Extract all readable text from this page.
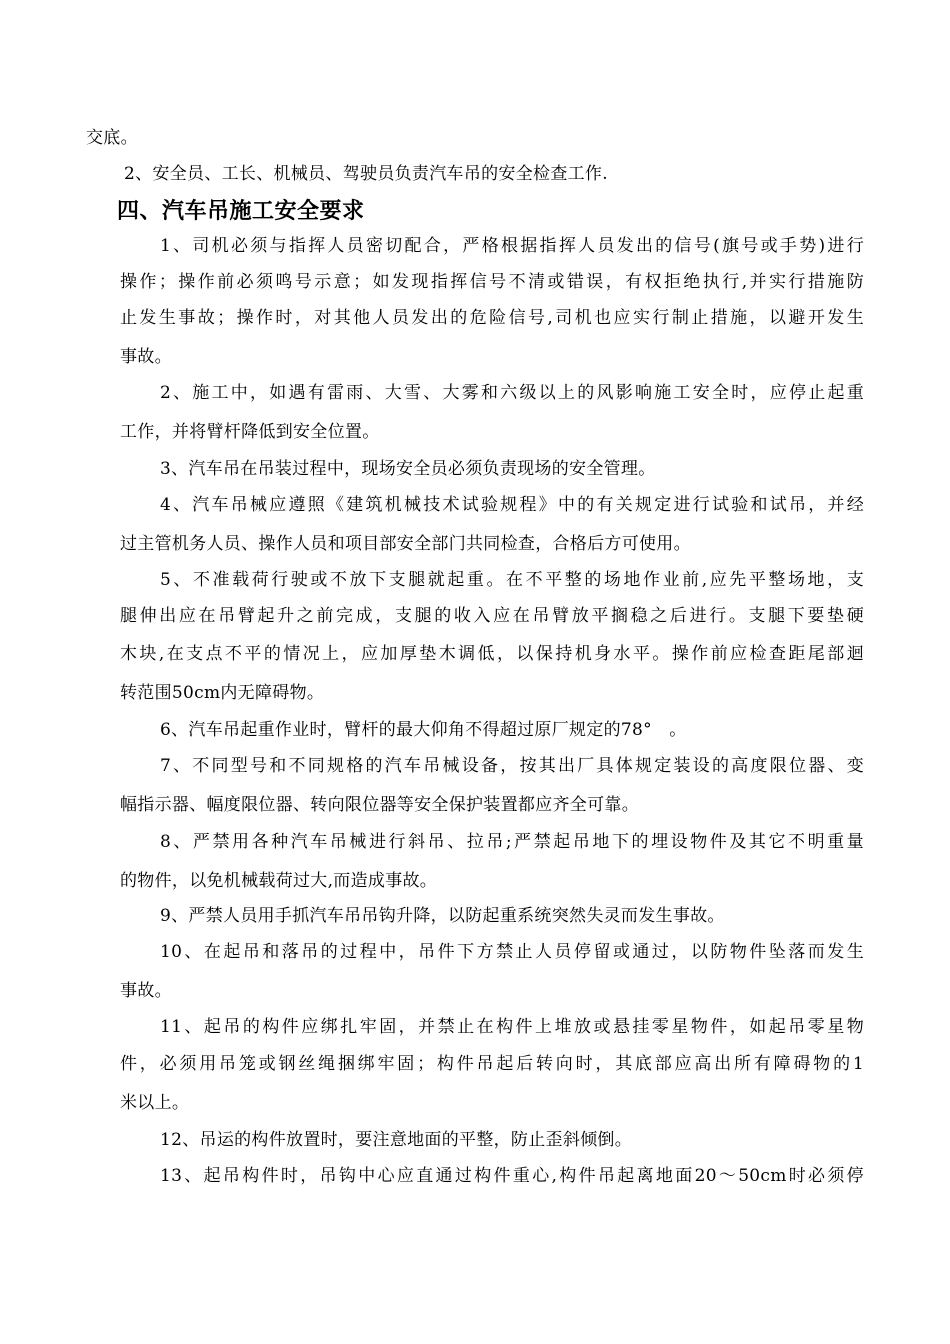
交底。
2、安全员、工长、机械员、驾驶员负责汽车吊的安全检查工作.
四、汽车吊施工安全要求
1、司机必须与指挥人员密切配合，严格根据指挥人员发出的信号(旗号或手势)进行
操作；操作前必须鸣号示意；如发现指挥信号不清或错误，有权拒绝执行,并实行措施防
止发生事故；操作时，对其他人员发出的危险信号,司机也应实行制止措施，以避开发生
事故。
2、施工中，如遇有雷雨、大雪、大雾和六级以上的风影响施工安全时，应停止起重
工作，并将臂杆降低到安全位置。
3、汽车吊在吊装过程中，现场安全员必须负责现场的安全管理。
4、汽车吊械应遵照《建筑机械技术试验规程》中的有关规定进行试验和试吊，并经
过主管机务人员、操作人员和项目部安全部门共同检查，合格后方可使用。
5、不准载荷行驶或不放下支腿就起重。在不平整的场地作业前,应先平整场地，支
腿伸出应在吊臂起升之前完成，支腿的收入应在吊臂放平搁稳之后进行。支腿下要垫硬
木块,在支点不平的情况上，应加厚垫木调低，以保持机身水平。操作前应检查距尾部迴
转范围50cm内无障碍物。
6、汽车吊起重作业时，臂杆的最大仰角不得超过原厂规定的78°　。
7、不同型号和不同规格的汽车吊械设备，按其出厂具体规定装设的高度限位器、变
幅指示器、幅度限位器、转向限位器等安全保护装置都应齐全可靠。
8、严禁用各种汽车吊械进行斜吊、拉吊;严禁起吊地下的埋设物件及其它不明重量
的物件，以免机械载荷过大,而造成事故。
9、严禁人员用手抓汽车吊吊钩升降，以防起重系统突然失灵而发生事故。
10、在起吊和落吊的过程中，吊件下方禁止人员停留或通过，以防物件坠落而发生
事故。
11、起吊的构件应绑扎牢固，并禁止在构件上堆放或悬挂零星物件，如起吊零星物
件，必须用吊笼或钢丝绳捆绑牢固；构件吊起后转向时，其底部应高出所有障碍物的1
米以上。
12、吊运的构件放置时，要注意地面的平整，防止歪斜倾倒。
13、起吊构件时，吊钩中心应直通过构件重心,构件吊起离地面20～50cm时必须停
